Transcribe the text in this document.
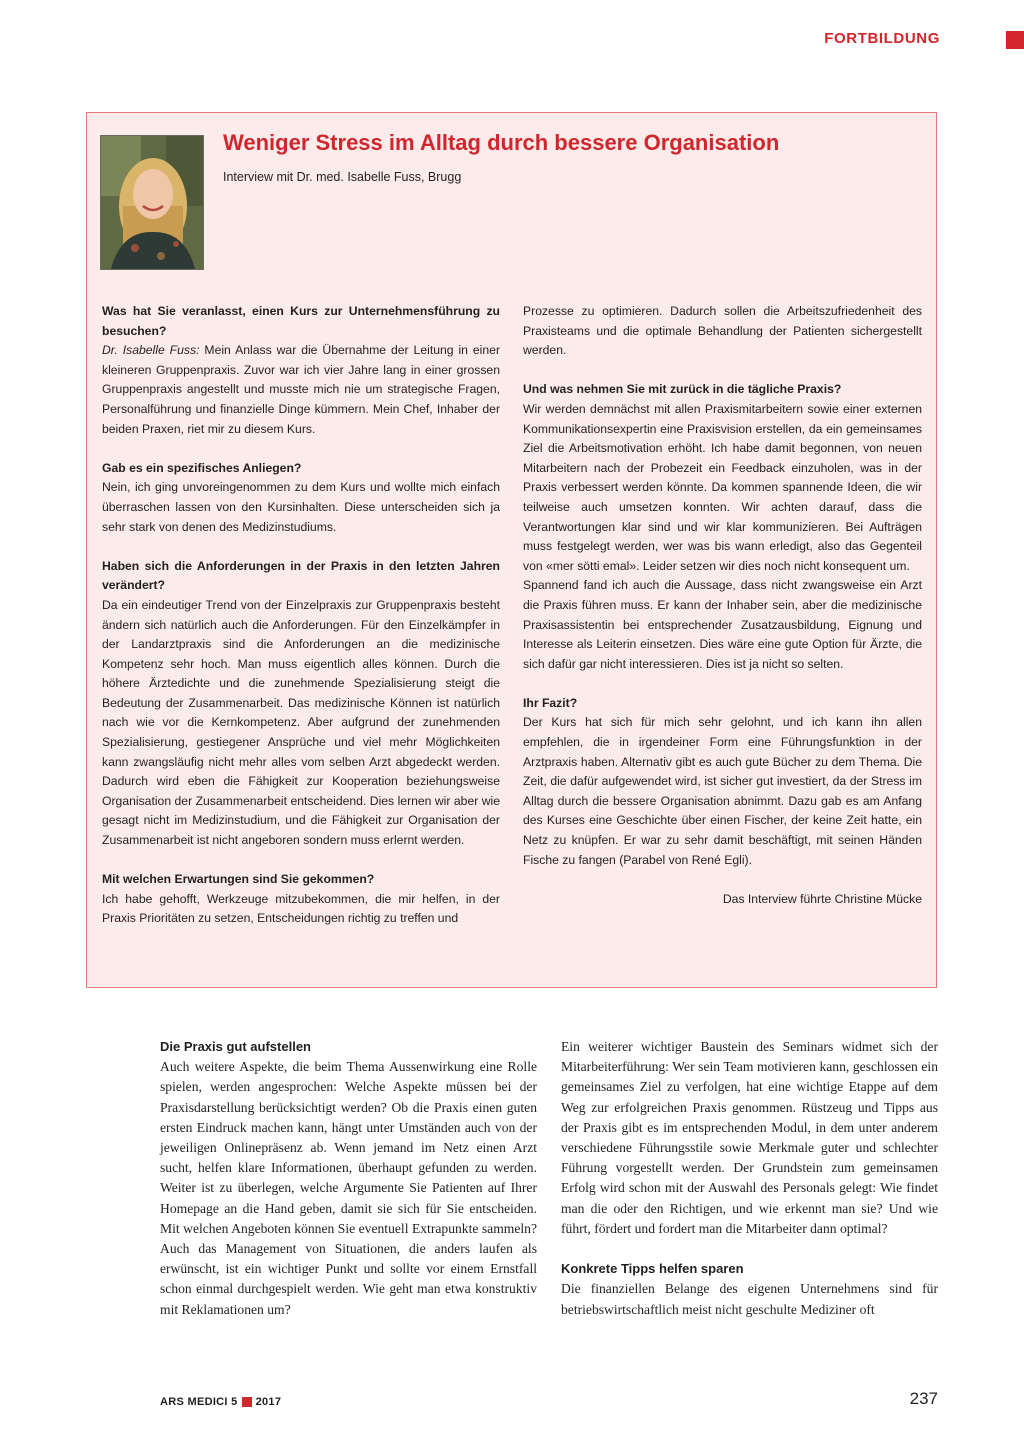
FORTBILDUNG
Weniger Stress im Alltag durch bessere Organisation
Interview mit Dr. med. Isabelle Fuss, Brugg

Was hat Sie veranlasst, einen Kurs zur Unternehmensführung zu besuchen?

Dr. Isabelle Fuss: Mein Anlass war die Übernahme der Leitung in einer kleineren Gruppenpraxis. Zuvor war ich vier Jahre lang in einer grossen Gruppenpraxis angestellt und musste mich nie um strategische Fragen, Personalführung und finanzielle Dinge kümmern. Mein Chef, Inhaber der beiden Praxen, riet mir zu diesem Kurs.

Gab es ein spezifisches Anliegen?

Nein, ich ging unvoreingenommen zu dem Kurs und wollte mich einfach überraschen lassen von den Kursinhalten. Diese unterscheiden sich ja sehr stark von denen des Medizinstudiums.

Haben sich die Anforderungen in der Praxis in den letzten Jahren verändert?

Da ein eindeutiger Trend von der Einzelpraxis zur Gruppenpraxis besteht ändern sich natürlich auch die Anforderungen. Für den Einzelkämpfer in der Landarztpraxis sind die Anforderungen an die medizinische Kompetenz sehr hoch. Man muss eigentlich alles können. Durch die höhere Ärztedichte und die zunehmende Spezialisierung steigt die Bedeutung der Zusammenarbeit. Das medizinische Können ist natürlich nach wie vor die Kernkompetenz. Aber aufgrund der zunehmenden Spezialisierung, gestiegener Ansprüche und viel mehr Möglichkeiten kann zwangsläufig nicht mehr alles vom selben Arzt abgedeckt werden. Dadurch wird eben die Fähigkeit zur Kooperation beziehungsweise Organisation der Zusammenarbeit entscheidend. Dies lernen wir aber wie gesagt nicht im Medizinstudium, und die Fähigkeit zur Organisation der Zusammenarbeit ist nicht angeboren sondern muss erlernt werden.

Mit welchen Erwartungen sind Sie gekommen?

Ich habe gehofft, Werkzeuge mitzubekommen, die mir helfen, in der Praxis Prioritäten zu setzen, Entscheidungen richtig zu treffen und

Prozesse zu optimieren. Dadurch sollen die Arbeitszufriedenheit des Praxisteams und die optimale Behandlung der Patienten sichergestellt werden.

Und was nehmen Sie mit zurück in die tägliche Praxis?

Wir werden demnächst mit allen Praxismitarbeitern sowie einer externen Kommunikationsexpertin eine Praxisvision erstellen, da ein gemeinsames Ziel die Arbeitsmotivation erhöht. Ich habe damit begonnen, von neuen Mitarbeitern nach der Probezeit ein Feedback einzuholen, was in der Praxis verbessert werden könnte. Da kommen spannende Ideen, die wir teilweise auch umsetzen konnten. Wir achten darauf, dass die Verantwortungen klar sind und wir klar kommunizieren. Bei Aufträgen muss festgelegt werden, wer was bis wann erledigt, also das Gegenteil von «mer sötti emal». Leider setzen wir dies noch nicht konsequent um.

Spannend fand ich auch die Aussage, dass nicht zwangsweise ein Arzt die Praxis führen muss. Er kann der Inhaber sein, aber die medizinische Praxisassistentin bei entsprechender Zusatzausbildung, Eignung und Interesse als Leiterin einsetzen. Dies wäre eine gute Option für Ärzte, die sich dafür gar nicht interessieren. Dies ist ja nicht so selten.

Ihr Fazit?

Der Kurs hat sich für mich sehr gelohnt, und ich kann ihn allen empfehlen, die in irgendeiner Form eine Führungsfunktion in der Arztpraxis haben. Alternativ gibt es auch gute Bücher zu dem Thema. Die Zeit, die dafür aufgewendet wird, ist sicher gut investiert, da der Stress im Alltag durch die bessere Organisation abnimmt. Dazu gab es am Anfang des Kurses eine Geschichte über einen Fischer, der keine Zeit hatte, ein Netz zu knüpfen. Er war zu sehr damit beschäftigt, mit seinen Händen Fische zu fangen (Parabel von René Egli).

Das Interview führte Christine Mücke

Die Praxis gut aufstellen

Auch weitere Aspekte, die beim Thema Aussenwirkung eine Rolle spielen, werden angesprochen: Welche Aspekte müssen bei der Praxisdarstellung berücksichtigt werden? Ob die Praxis einen guten ersten Eindruck machen kann, hängt unter Umständen auch von der jeweiligen Onlinepräsenz ab. Wenn jemand im Netz einen Arzt sucht, helfen klare Informationen, überhaupt gefunden zu werden. Weiter ist zu überlegen, welche Argumente Sie Patienten auf Ihrer Homepage an die Hand geben, damit sie sich für Sie entscheiden. Mit welchen Angeboten können Sie eventuell Extrapunkte sammeln? Auch das Management von Situationen, die anders laufen als erwünscht, ist ein wichtiger Punkt und sollte vor einem Ernstfall schon einmal durchgespielt werden. Wie geht man etwa konstruktiv mit Reklamationen um?

Ein weiterer wichtiger Baustein des Seminars widmet sich der Mitarbeiterführung: Wer sein Team motivieren kann, geschlossen ein gemeinsames Ziel zu verfolgen, hat eine wichtige Etappe auf dem Weg zur erfolgreichen Praxis genommen. Rüstzeug und Tipps aus der Praxis gibt es im entsprechenden Modul, in dem unter anderem verschiedene Führungsstile sowie Merkmale guter und schlechter Führung vorgestellt werden. Der Grundstein zum gemeinsamen Erfolg wird schon mit der Auswahl des Personals gelegt: Wie findet man die oder den Richtigen, und wie erkennt man sie? Und wie führt, fördert und fordert man die Mitarbeiter dann optimal?

Konkrete Tipps helfen sparen

Die finanziellen Belange des eigenen Unternehmens sind für betriebswirtschaftlich meist nicht geschulte Mediziner oft

ARS MEDICI 5 2017	237
